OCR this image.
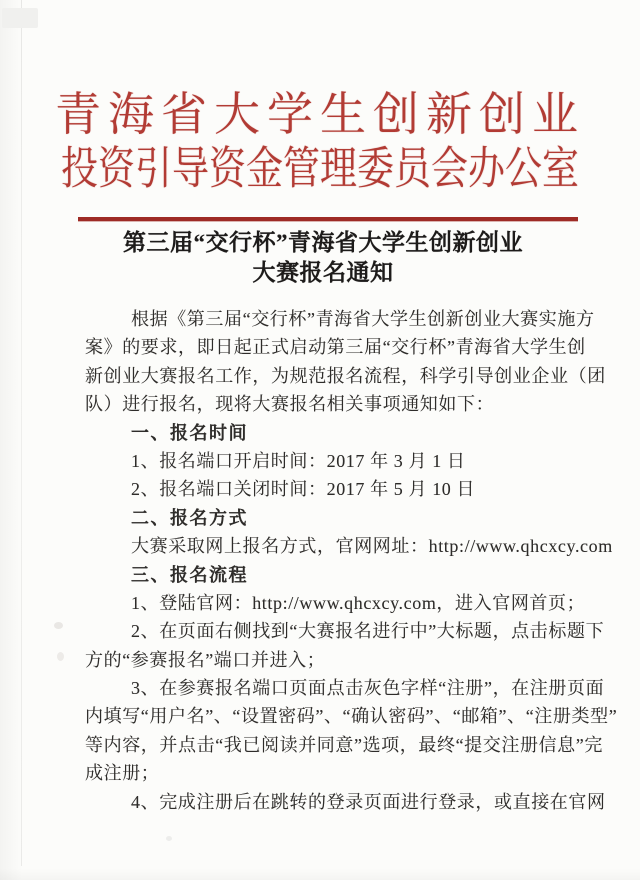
青海省大学生创新创业
投资引导资金管理委员会办公室
第三届“交行杯”青海省大学生创新创业
大赛报名通知
根据《第三届“交行杯”青海省大学生创新创业大赛实施方
案》的要求，即日起正式启动第三届“交行杯”青海省大学生创
新创业大赛报名工作，为规范报名流程，科学引导创业企业（团
队）进行报名，现将大赛报名相关事项通知如下：
一、报名时间
1、报名端口开启时间：2017 年 3 月 1 日
2、报名端口关闭时间：2017 年 5 月 10 日
二、报名方式
大赛采取网上报名方式，官网网址：http://www.qhcxcy.com
三、报名流程
1、登陆官网：http://www.qhcxcy.com，进入官网首页；
2、在页面右侧找到“大赛报名进行中”大标题，点击标题下
方的“参赛报名”端口并进入；
3、在参赛报名端口页面点击灰色字样“注册”，在注册页面
内填写“用户名”、“设置密码”、“确认密码”、“邮箱”、“注册类型”
等内容，并点击“我已阅读并同意”选项，最终“提交注册信息”完
成注册；
4、完成注册后在跳转的登录页面进行登录，或直接在官网
